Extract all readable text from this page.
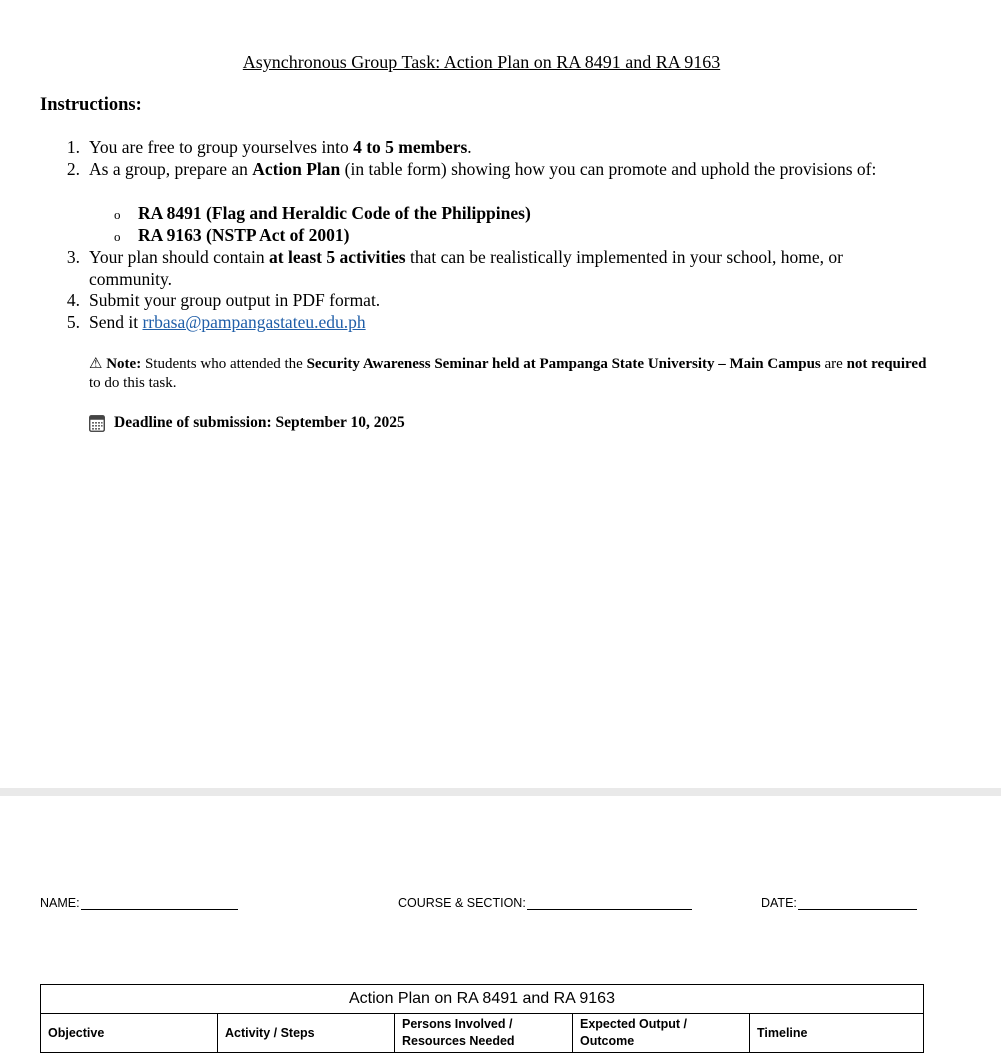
Asynchronous Group Task: Action Plan on RA 8491 and RA 9163
Instructions:
1. You are free to group yourselves into 4 to 5 members.
2. As a group, prepare an Action Plan (in table form) showing how you can promote and uphold the provisions of:
o RA 8491 (Flag and Heraldic Code of the Philippines)
o RA 9163 (NSTP Act of 2001)
3. Your plan should contain at least 5 activities that can be realistically implemented in your school, home, or community.
4. Submit your group output in PDF format.
5. Send it rrbasa@pampangastateu.edu.ph
⚠ Note: Students who attended the Security Awareness Seminar held at Pampanga State University – Main Campus are not required to do this task.
Deadline of submission: September 10, 2025
NAME:	COURSE & SECTION:	DATE:
Action Plan on RA 8491 and RA 9163
Objective	Activity / Steps	Persons Involved / Resources Needed	Expected Output / Outcome	Timeline
